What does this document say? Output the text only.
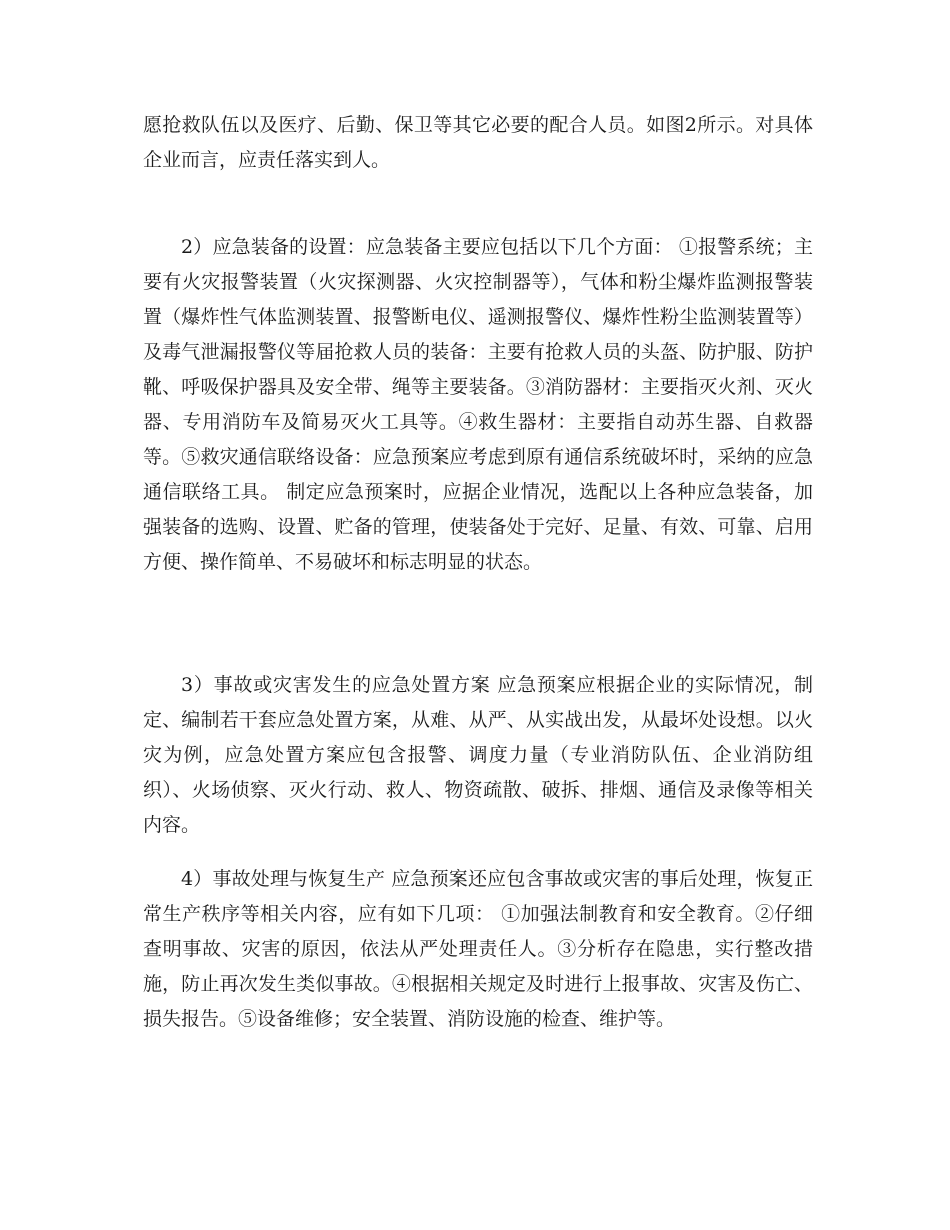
愿抢救队伍以及医疗、后勤、保卫等其它必要的配合人员。如图2所示。对具体企业而言，应责任落实到人。

2）应急装备的设置：应急装备主要应包括以下几个方面： ①报警系统；主要有火灾报警装置（火灾探测器、火灾控制器等），气体和粉尘爆炸监测报警装置（爆炸性气体监测装置、报警断电仪、遥测报警仪、爆炸性粉尘监测装置等）及毒气泄漏报警仪等届抢救人员的装备：主要有抢救人员的头盔、防护服、防护靴、呼吸保护器具及安全带、绳等主要装备。③消防器材：主要指灭火剂、灭火器、专用消防车及简易灭火工具等。④救生器材：主要指自动苏生器、自救器等。⑤救灾通信联络设备：应急预案应考虑到原有通信系统破坏时，采纳的应急通信联络工具。 制定应急预案时，应据企业情况，选配以上各种应急装备，加强装备的选购、设置、贮备的管理，使装备处于完好、足量、有效、可靠、启用方便、操作简单、不易破坏和标志明显的状态。

3）事故或灾害发生的应急处置方案 应急预案应根据企业的实际情况，制定、编制若干套应急处置方案，从难、从严、从实战出发，从最坏处设想。以火灾为例，应急处置方案应包含报警、调度力量（专业消防队伍、企业消防组织）、火场侦察、灭火行动、救人、物资疏散、破拆、排烟、通信及录像等相关内容。

4）事故处理与恢复生产 应急预案还应包含事故或灾害的事后处理，恢复正常生产秩序等相关内容，应有如下几项： ①加强法制教育和安全教育。②仔细查明事故、灾害的原因，依法从严处理责任人。③分析存在隐患，实行整改措施，防止再次发生类似事故。④根据相关规定及时进行上报事故、灾害及伤亡、损失报告。⑤设备维修；安全装置、消防设施的检查、维护等。
